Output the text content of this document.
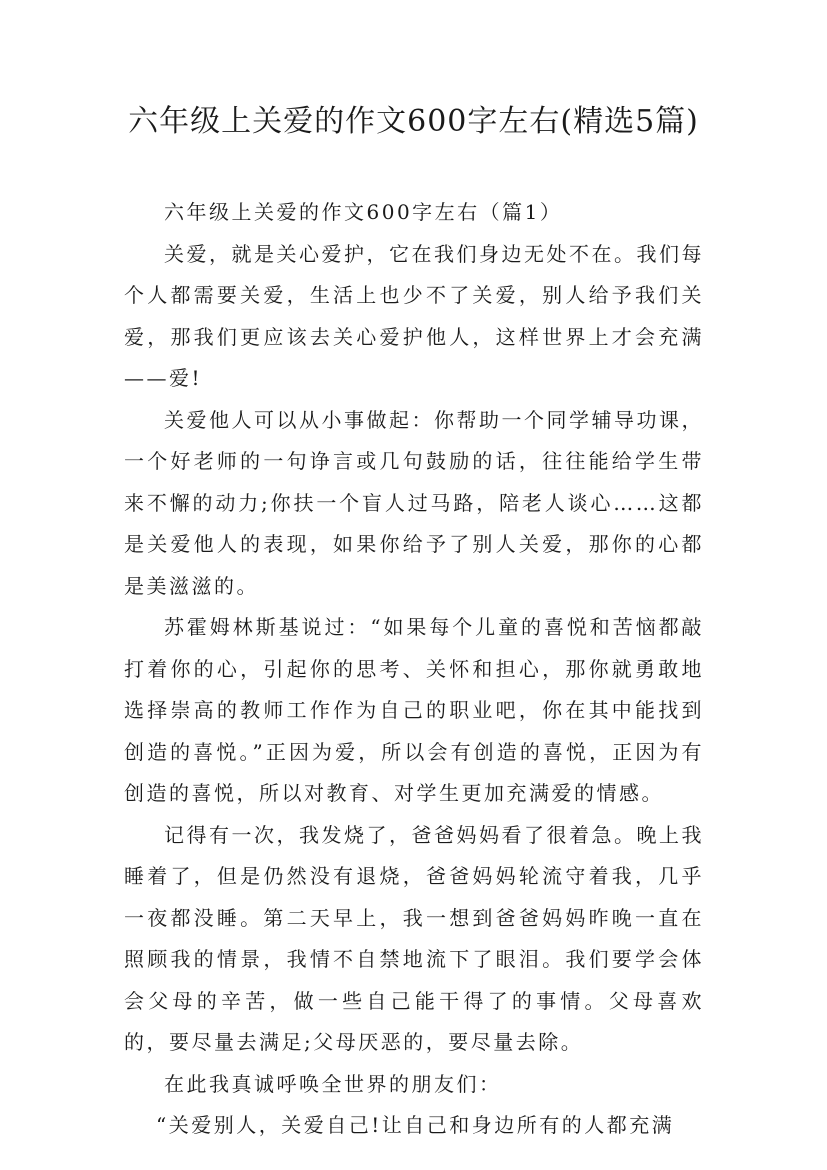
六年级上关爱的作文600字左右(精选5篇)

六年级上关爱的作文600字左右（篇1）

关爱，就是关心爱护，它在我们身边无处不在。我们每个人都需要关爱，生活上也少不了关爱，别人给予我们关爱，那我们更应该去关心爱护他人，这样世界上才会充满——爱!

关爱他人可以从小事做起：你帮助一个同学辅导功课，一个好老师的一句诤言或几句鼓励的话，往往能给学生带来不懈的动力;你扶一个盲人过马路，陪老人谈心……这都是关爱他人的表现，如果你给予了别人关爱，那你的心都是美滋滋的。

苏霍姆林斯基说过：“如果每个儿童的喜悦和苦恼都敲打着你的心，引起你的思考、关怀和担心，那你就勇敢地选择崇高的教师工作作为自己的职业吧，你在其中能找到创造的喜悦。”正因为爱，所以会有创造的喜悦，正因为有创造的喜悦，所以对教育、对学生更加充满爱的情感。

记得有一次，我发烧了，爸爸妈妈看了很着急。晚上我睡着了，但是仍然没有退烧，爸爸妈妈轮流守着我，几乎一夜都没睡。第二天早上，我一想到爸爸妈妈昨晚一直在照顾我的情景，我情不自禁地流下了眼泪。我们要学会体会父母的辛苦，做一些自己能干得了的事情。父母喜欢的，要尽量去满足;父母厌恶的，要尽量去除。

在此我真诚呼唤全世界的朋友们：

“关爱别人，关爱自己!让自己和身边所有的人都充满
